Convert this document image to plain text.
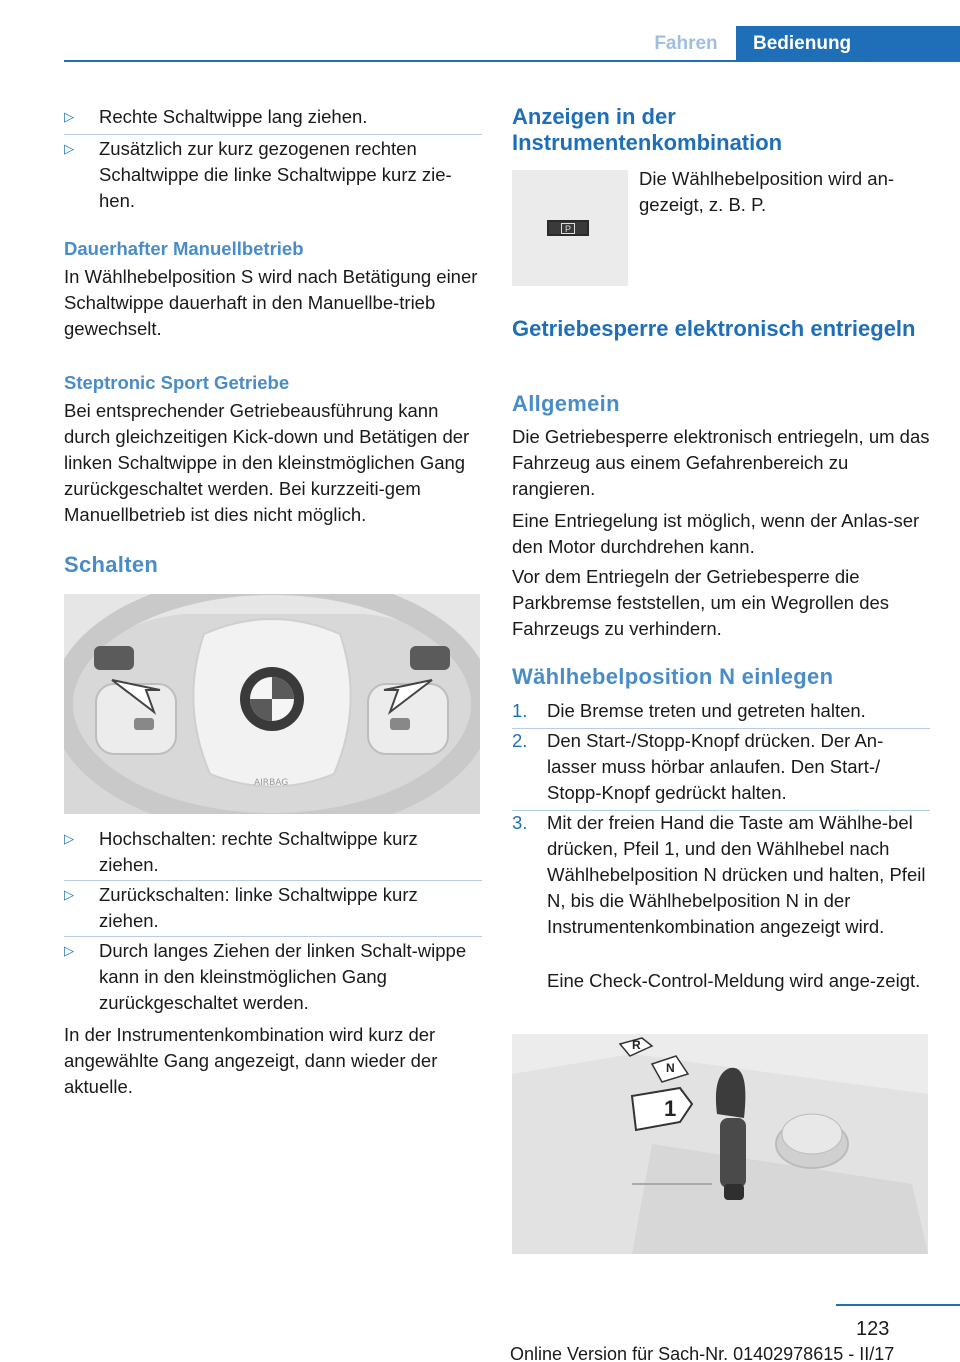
Fahren	Bedienung
▷ Rechte Schaltwippe lang ziehen.
▷ Zusätzlich zur kurz gezogenen rechten Schaltwippe die linke Schaltwippe kurz zie‐hen.
Dauerhafter Manuellbetrieb
In Wählhebelposition S wird nach Betätigung einer Schaltwippe dauerhaft in den Manuellbe‐trieb gewechselt.
Steptronic Sport Getriebe
Bei entsprechender Getriebeausführung kann durch gleichzeitigen Kick-down und Betätigen der linken Schaltwippe in den kleinstmöglichen Gang zurückgeschaltet werden. Bei kurzzeiti‐gem Manuellbetrieb ist dies nicht möglich.
Schalten
AIRBAG
▷ Hochschalten: rechte Schaltwippe kurz ziehen.
▷ Zurückschalten: linke Schaltwippe kurz ziehen.
▷ Durch langes Ziehen der linken Schalt‐wippe kann in den kleinstmöglichen Gang zurückgeschaltet werden.
In der Instrumentenkombination wird kurz der angewählte Gang angezeigt, dann wieder der aktuelle.
Anzeigen in der Instrumentenkombination
P
Die Wählhebelposition wird an‐gezeigt, z. B. P.
Getriebesperre elektronisch entriegeln
Allgemein
Die Getriebesperre elektronisch entriegeln, um das Fahrzeug aus einem Gefahrenbereich zu rangieren.
Eine Entriegelung ist möglich, wenn der Anlas‐ser den Motor durchdrehen kann.
Vor dem Entriegeln der Getriebesperre die Parkbremse feststellen, um ein Wegrollen des Fahrzeugs zu verhindern.
Wählhebelposition N einlegen
1. Die Bremse treten und getreten halten.
2. Den Start-/Stopp-Knopf drücken. Der An‐lasser muss hörbar anlaufen. Den Start-/ Stopp-Knopf gedrückt halten.
3. Mit der freien Hand die Taste am Wählhe‐bel drücken, Pfeil 1, und den Wählhebel nach Wählhebelposition N drücken und halten, Pfeil N, bis die Wählhebelposition N in der Instrumentenkombination angezeigt wird.
Eine Check-Control-Meldung wird ange‐zeigt.
R
N
1
123
Online Version für Sach-Nr. 01402978615 - II/17
